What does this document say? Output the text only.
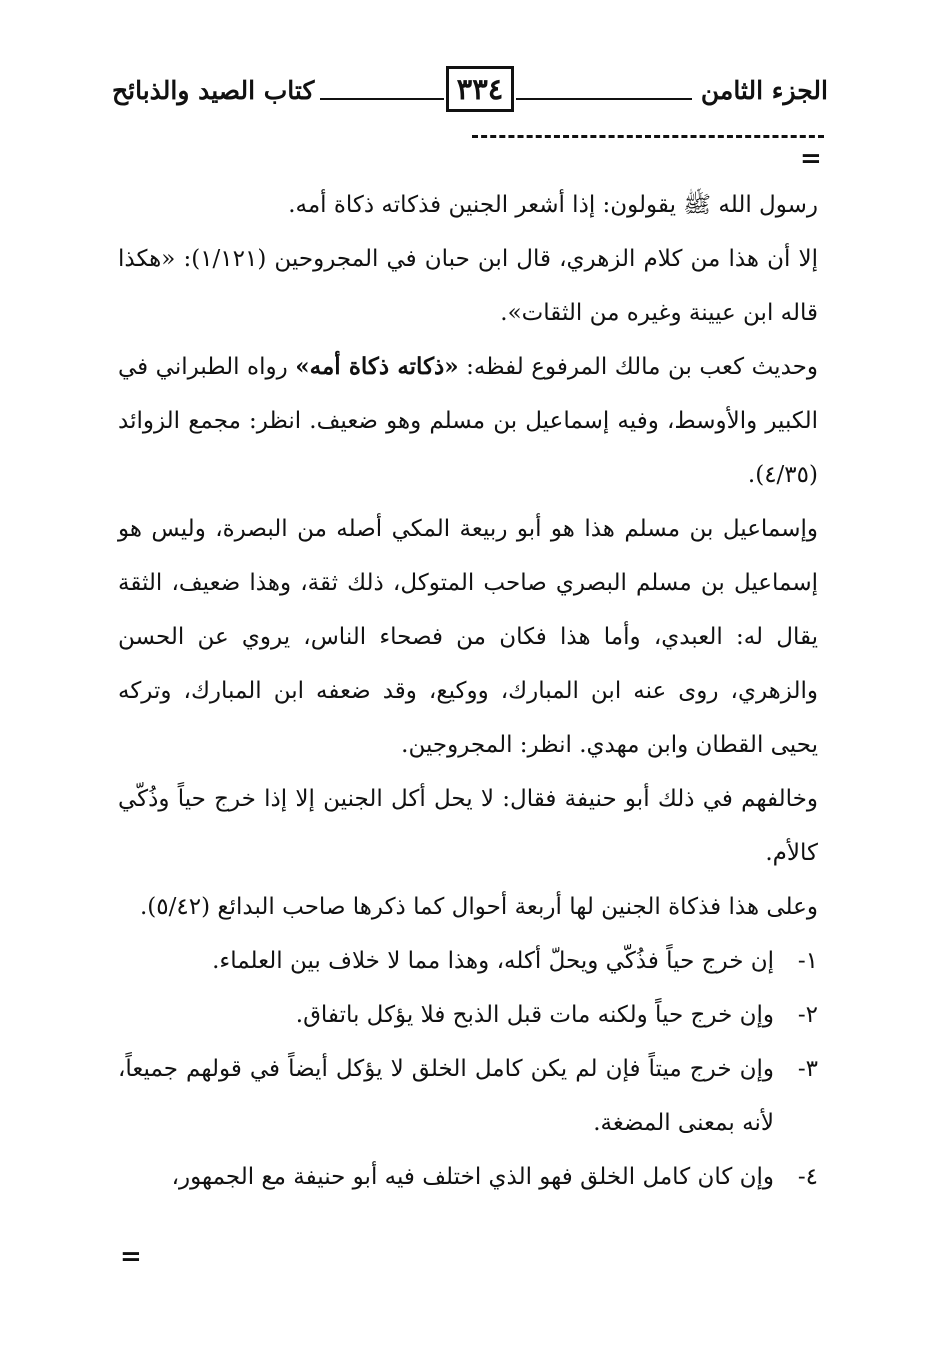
الجزء الثامن
٣٣٤
كتاب الصيد والذبائح
=

رسول الله ﷺ يقولون: إذا أشعر الجنين فذكاته ذكاة أمه.

إلا أن هذا من كلام الزهري، قال ابن حبان في المجروحين (١/١٢١): «هكذا قاله ابن عيينة وغيره من الثقات».

وحديث كعب بن مالك المرفوع لفظه: «ذكاته ذكاة أمه» رواه الطبراني في الكبير والأوسط، وفيه إسماعيل بن مسلم وهو ضعيف. انظر: مجمع الزوائد (٤/٣٥).

وإسماعيل بن مسلم هذا هو أبو ربيعة المكي أصله من البصرة، وليس هو إسماعيل بن مسلم البصري صاحب المتوكل، ذلك ثقة، وهذا ضعيف، الثقة يقال له: العبدي، وأما هذا فكان من فصحاء الناس، يروي عن الحسن والزهري، روى عنه ابن المبارك، ووكيع، وقد ضعفه ابن المبارك، وتركه يحيى القطان وابن مهدي. انظر: المجروجين.

وخالفهم في ذلك أبو حنيفة فقال: لا يحل أكل الجنين إلا إذا خرج حياً وذُكّي كالأم.

وعلى هذا فذكاة الجنين لها أربعة أحوال كما ذكرها صاحب البدائع (٥/٤٢).

١-
إن خرج حياً فذُكّي ويحلّ أكله، وهذا مما لا خلاف بين العلماء.
٢-
وإن خرج حياً ولكنه مات قبل الذبح فلا يؤكل باتفاق.
٣-
وإن خرج ميتاً فإن لم يكن كامل الخلق لا يؤكل أيضاً في قولهم جميعاً، لأنه بمعنى المضغة.
٤-
وإن كان كامل الخلق فهو الذي اختلف فيه أبو حنيفة مع الجمهور،
=
